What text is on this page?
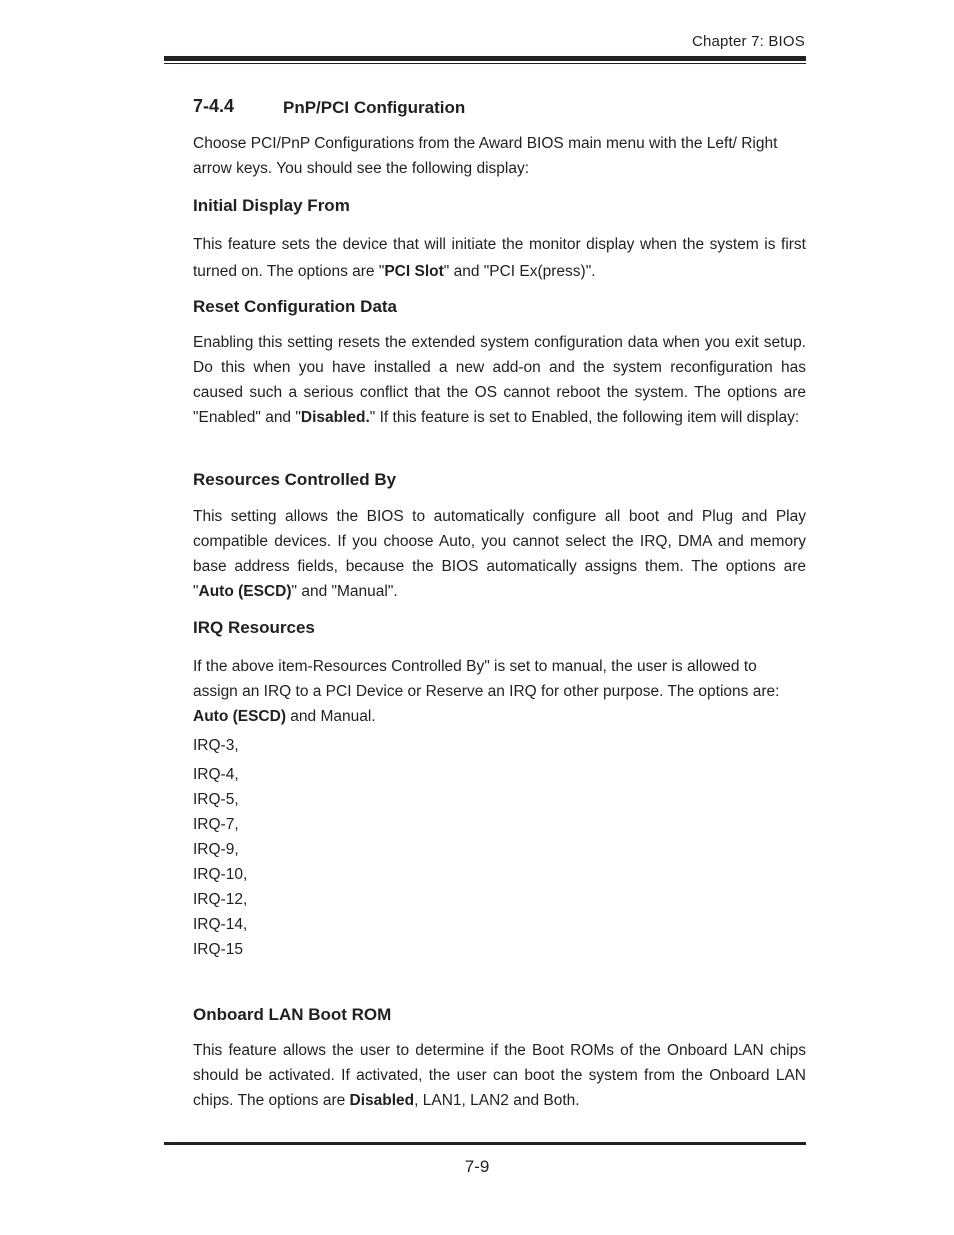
Chapter 7: BIOS
7-4.4	PnP/PCI Configuration

Choose PCI/PnP Configurations from the Award BIOS main menu with the Left/ Right arrow keys. You should see the following display:

Initial Display From

This feature sets the device that will initiate the monitor display when the system is first turned on. The options are "PCI Slot" and "PCI Ex(press)".

Reset Configuration Data

Enabling this setting resets the extended system configuration data when you exit setup. Do this when you have installed a new add-on and the system reconfiguration has caused such a serious conflict that the OS cannot reboot the system. The options are "Enabled" and "Disabled." If this feature is set to Enabled, the following item will display:

Resources Controlled By

This setting allows the BIOS to automatically configure all boot and Plug and Play compatible devices. If you choose Auto, you cannot select the IRQ, DMA and memory base address fields, because the BIOS automatically assigns them. The options are "Auto (ESCD)" and "Manual".

IRQ Resources

If the above item-Resources Controlled By" is set to manual, the user is allowed to assign an IRQ to a PCI Device or Reserve an IRQ for other purpose. The options are: Auto (ESCD) and Manual.

IRQ-3,
IRQ-4,
IRQ-5,
IRQ-7,
IRQ-9,
IRQ-10,
IRQ-12,
IRQ-14,
IRQ-15
Onboard LAN Boot ROM

This feature allows the user to determine if the Boot ROMs of the Onboard LAN chips should be activated. If activated, the user can boot the system from the Onboard LAN chips. The options are Disabled, LAN1, LAN2 and Both.

7-9
